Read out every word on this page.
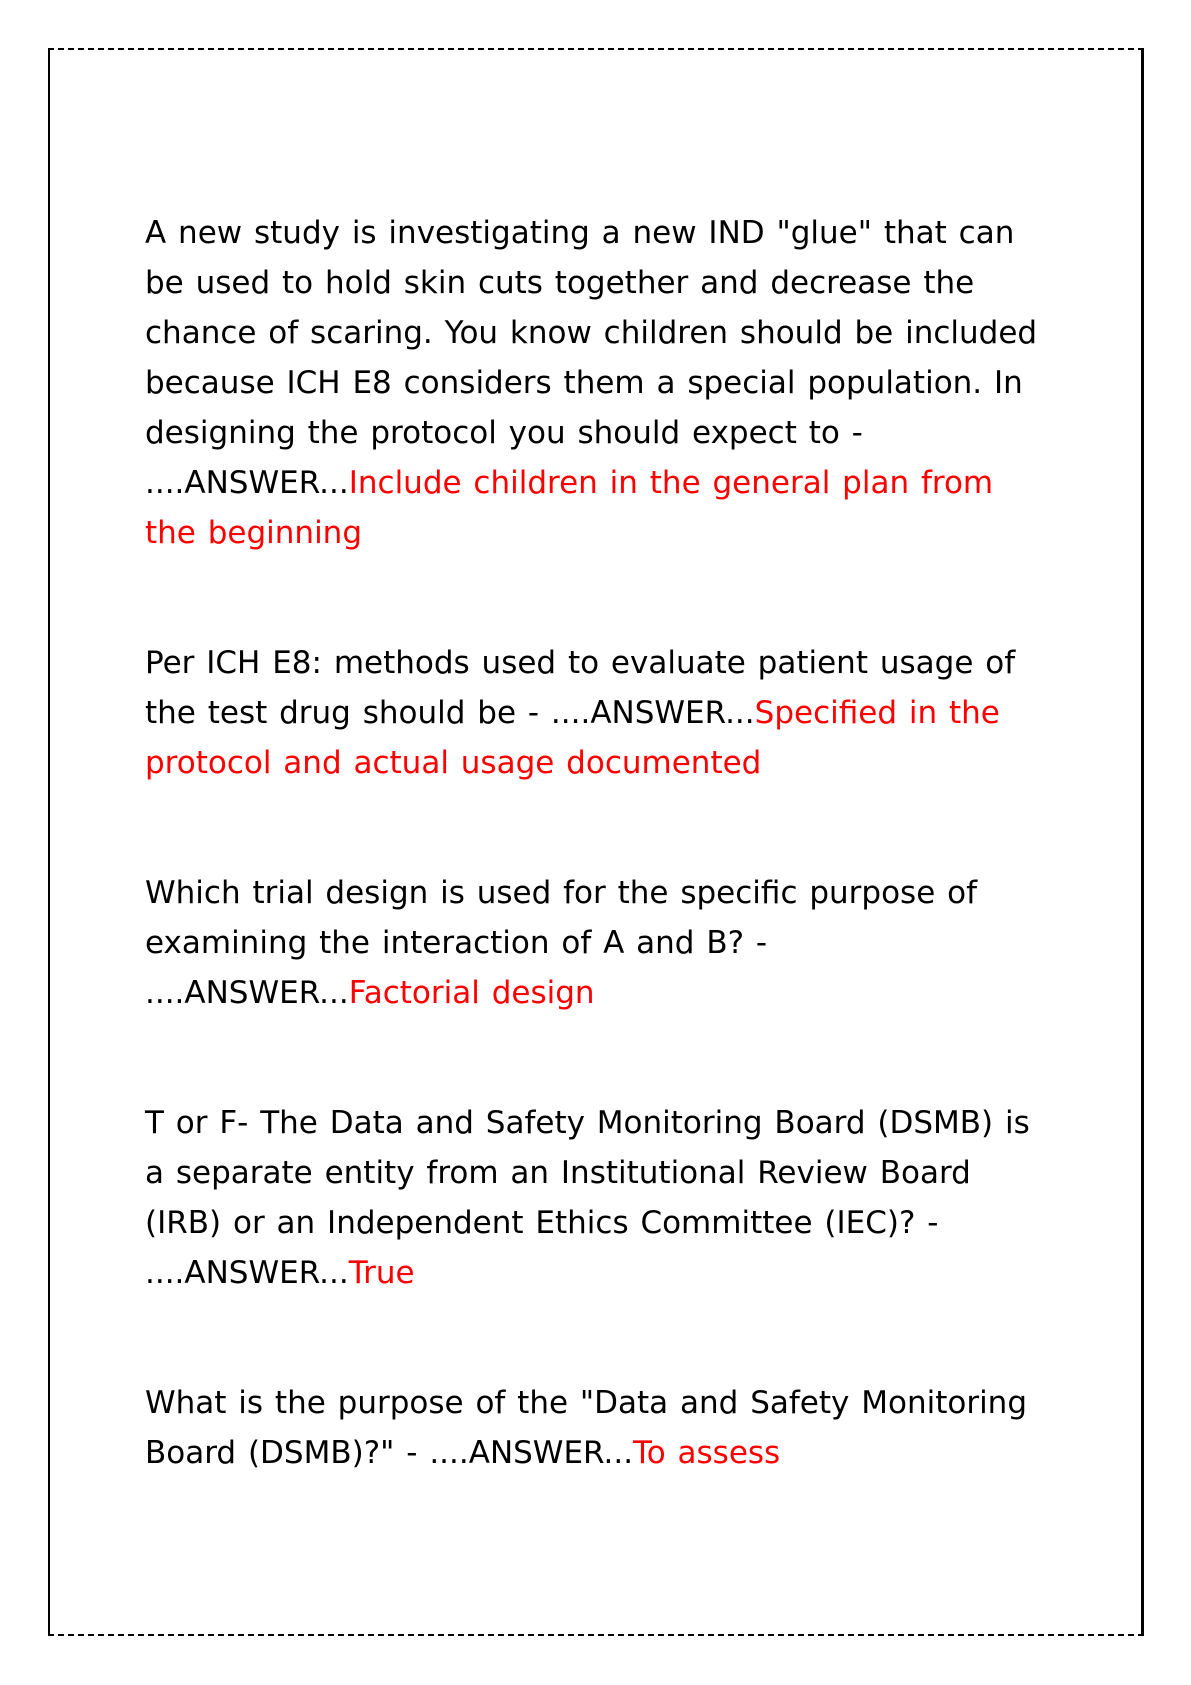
A new study is investigating a new IND "glue" that can be used to hold skin cuts together and decrease the chance of scaring. You know children should be included because ICH E8 considers them a special population. In designing the protocol you should expect to - ....ANSWER...Include children in the general plan from the beginning

Per ICH E8: methods used to evaluate patient usage of the test drug should be - ....ANSWER...Specified in the protocol and actual usage documented

Which trial design is used for the specific purpose of examining the interaction of A and B? - ....ANSWER...Factorial design

T or F- The Data and Safety Monitoring Board (DSMB) is a separate entity from an Institutional Review Board (IRB) or an Independent Ethics Committee (IEC)? - ....ANSWER...True

What is the purpose of the "Data and Safety Monitoring Board (DSMB)?" - ....ANSWER...To assess
